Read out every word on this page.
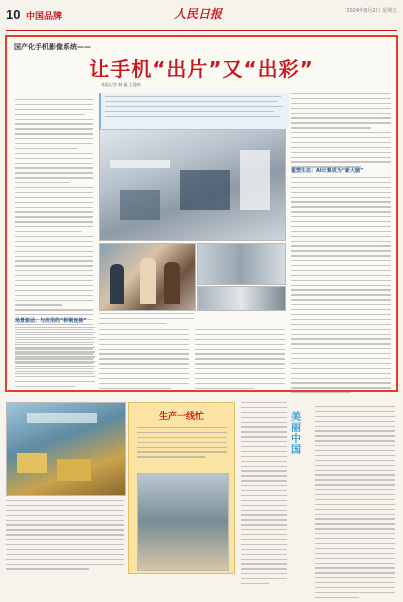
10 中国品牌	人民日报	2024年8月2日 星期五
国产化手机影像系统——
让手机“出片”又“出彩”
本报记者 韩 鑫 王俊岭
场景驱动：与应用的“桥梁连接”
重塑生态：AI计算成为“新大脑”
生产一线忙	美丽中国
